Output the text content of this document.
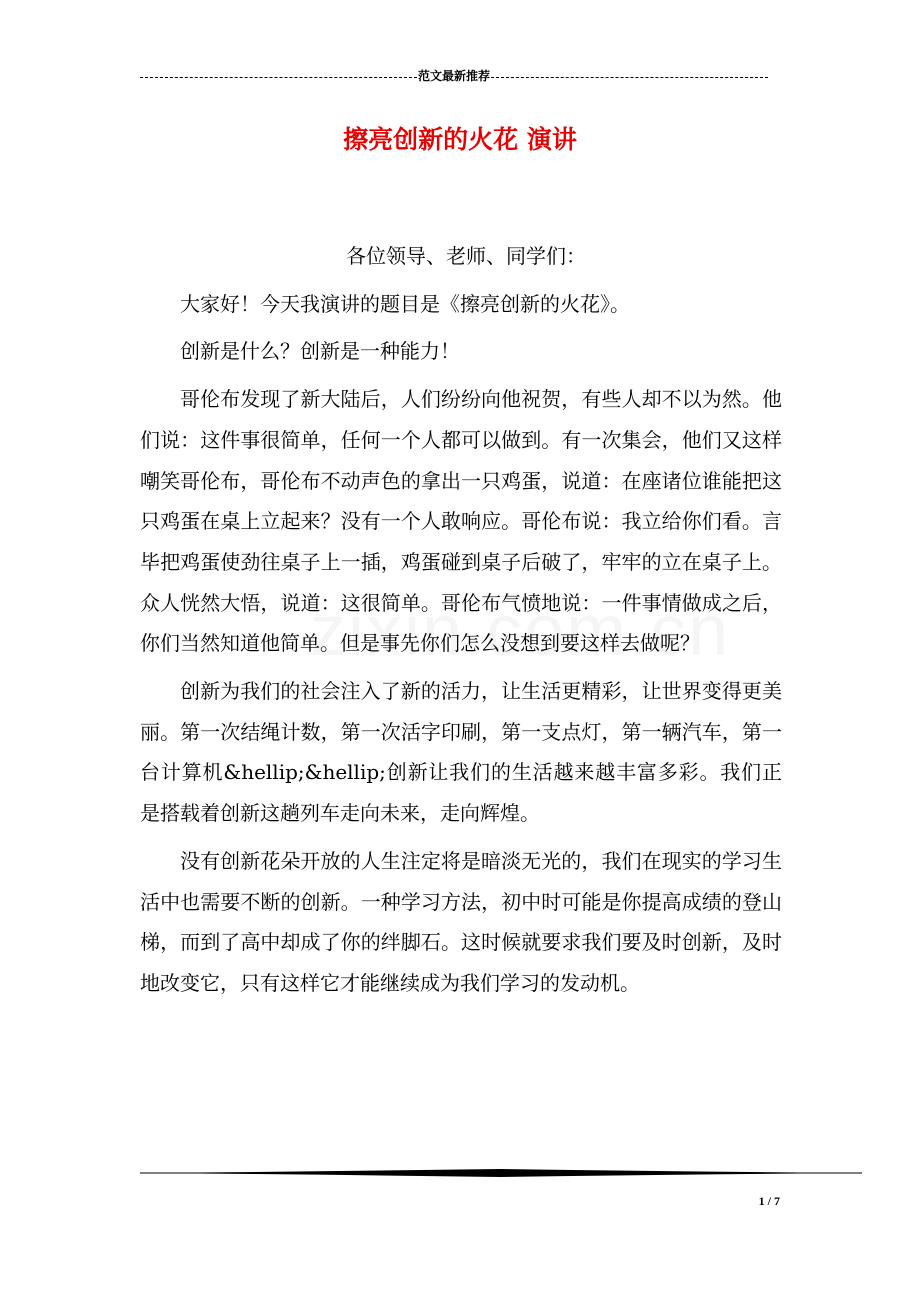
范文最新推荐
擦亮创新的火花 演讲

各位领导、老师、同学们：

大家好！今天我演讲的题目是《擦亮创新的火花》。

创新是什么？创新是一种能力！

哥伦布发现了新大陆后，人们纷纷向他祝贺，有些人却不以为然。他们说：这件事很简单，任何一个人都可以做到。有一次集会，他们又这样嘲笑哥伦布，哥伦布不动声色的拿出一只鸡蛋，说道：在座诸位谁能把这只鸡蛋在桌上立起来？没有一个人敢响应。哥伦布说：我立给你们看。言毕把鸡蛋使劲往桌子上一插，鸡蛋碰到桌子后破了，牢牢的立在桌子上。众人恍然大悟，说道：这很简单。哥伦布气愤地说：一件事情做成之后，你们当然知道他简单。但是事先你们怎么没想到要这样去做呢？

创新为我们的社会注入了新的活力，让生活更精彩，让世界变得更美丽。第一次结绳计数，第一次活字印刷，第一支点灯，第一辆汽车，第一台计算机&hellip;&hellip;创新让我们的生活越来越丰富多彩。我们正是搭载着创新这趟列车走向未来，走向辉煌。

没有创新花朵开放的人生注定将是暗淡无光的，我们在现实的学习生活中也需要不断的创新。一种学习方法，初中时可能是你提高成绩的登山梯，而到了高中却成了你的绊脚石。这时候就要求我们要及时创新，及时地改变它，只有这样它才能继续成为我们学习的发动机。

1 / 7
